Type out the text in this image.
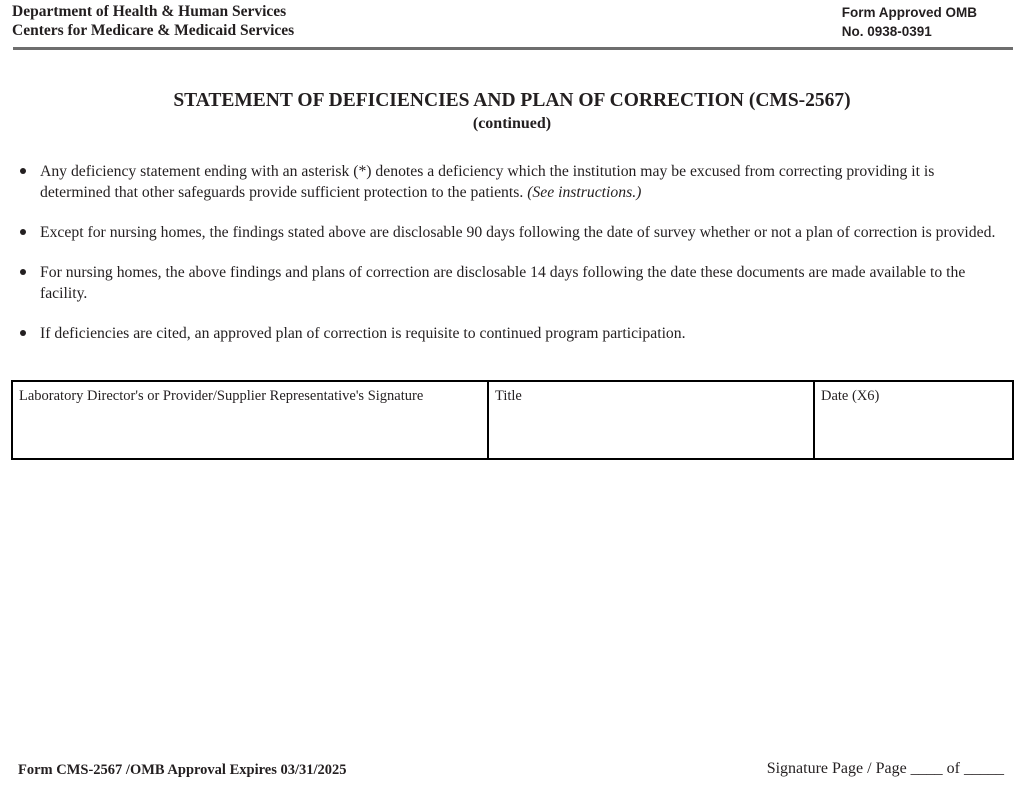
Department of Health & Human Services
Centers for Medicare & Medicaid Services
Form Approved OMB
No. 0938-0391
STATEMENT OF DEFICIENCIES AND PLAN OF CORRECTION (CMS-2567)
(continued)
Any deficiency statement ending with an asterisk (*) denotes a deficiency which the institution may be excused from correcting providing it is determined that other safeguards provide sufficient protection to the patients. (See instructions.)
Except for nursing homes, the findings stated above are disclosable 90 days following the date of survey whether or not a plan of correction is provided.
For nursing homes, the above findings and plans of correction are disclosable 14 days following the date these documents are made available to the facility.
If deficiencies are cited, an approved plan of correction is requisite to continued program participation.
Laboratory Director's or Provider/Supplier Representative's Signature	Title	Date (X6)
Form CMS-2567 /OMB Approval Expires 03/31/2025	Signature Page / Page ____ of _____
